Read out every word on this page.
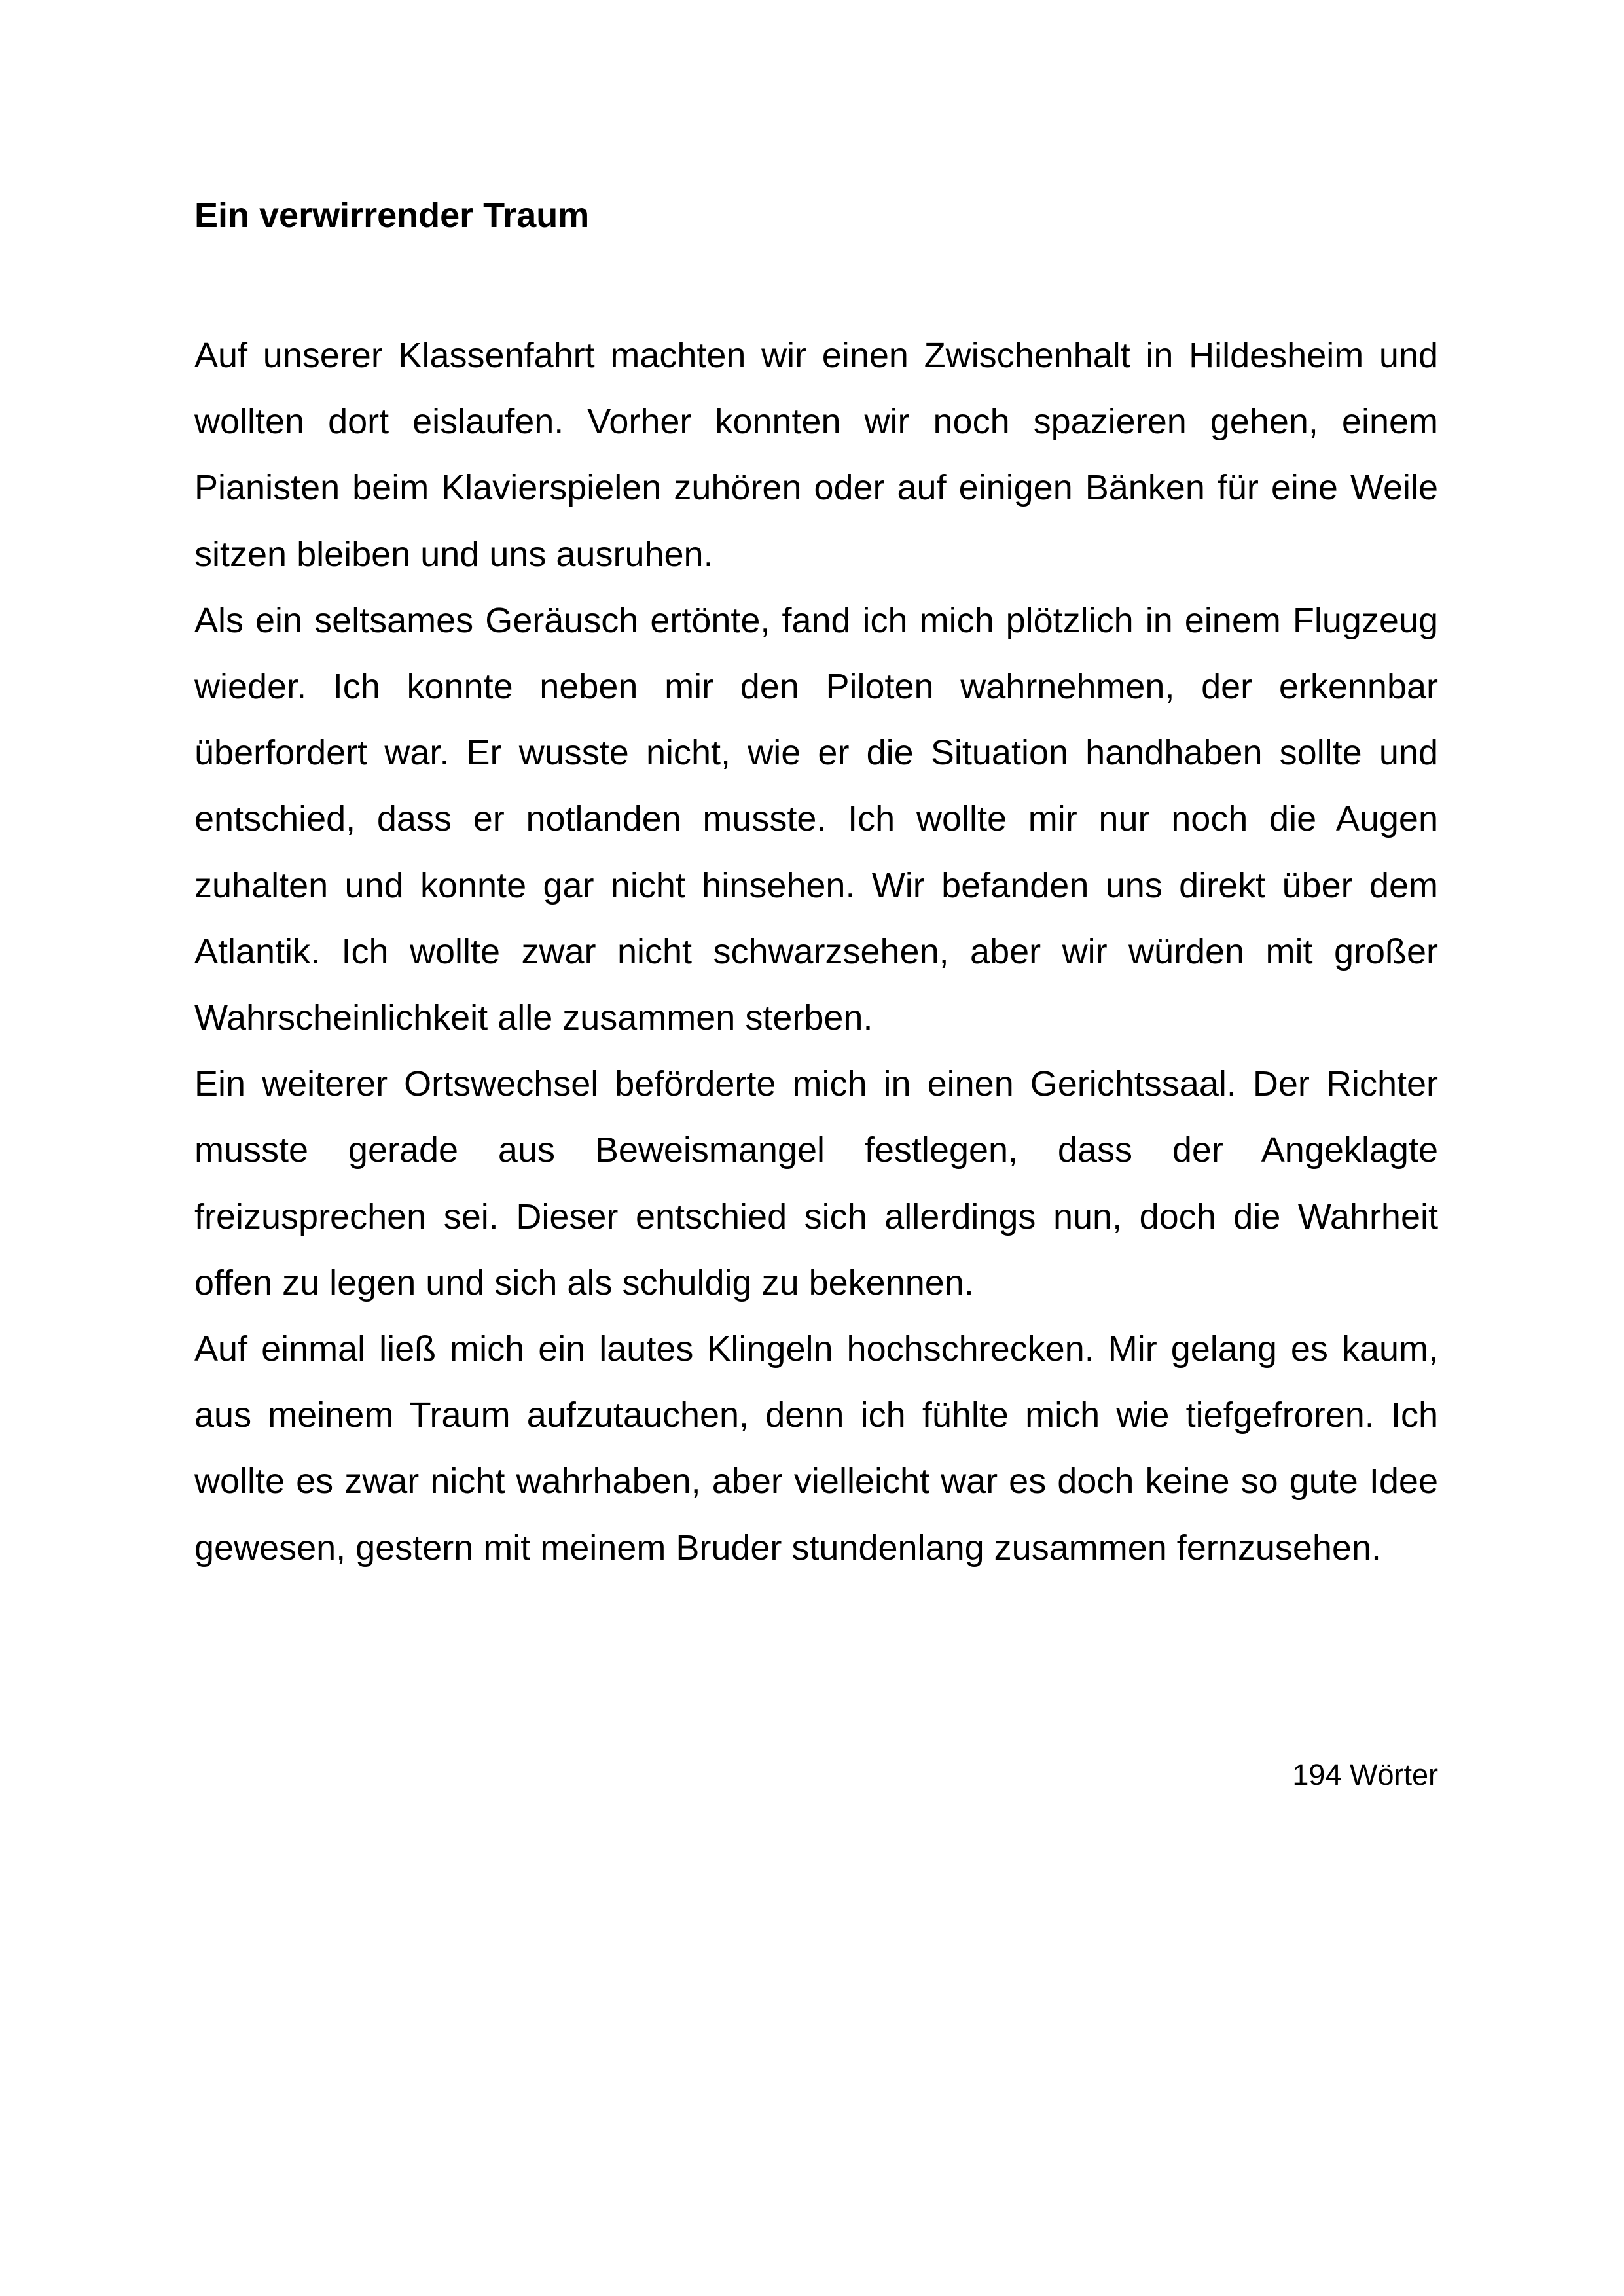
Ein verwirrender Traum

Auf unserer Klassenfahrt machten wir einen Zwischenhalt in Hildesheim und wollten dort eislaufen. Vorher konnten wir noch spazieren gehen, einem Pianisten beim Klavierspielen zuhören oder auf einigen Bänken für eine Weile sitzen bleiben und uns ausruhen.

Als ein seltsames Geräusch ertönte, fand ich mich plötzlich in einem Flugzeug wieder. Ich konnte neben mir den Piloten wahrnehmen, der erkennbar überfordert war. Er wusste nicht, wie er die Situation handhaben sollte und entschied, dass er notlanden musste. Ich wollte mir nur noch die Augen zuhalten und konnte gar nicht hinsehen. Wir befanden uns direkt über dem Atlantik. Ich wollte zwar nicht schwarzsehen, aber wir würden mit großer Wahrscheinlichkeit alle zusammen sterben.

Ein weiterer Ortswechsel beförderte mich in einen Gerichtssaal. Der Richter musste gerade aus Beweismangel festlegen, dass der Angeklagte freizusprechen sei. Dieser entschied sich allerdings nun, doch die Wahrheit offen zu legen und sich als schuldig zu bekennen.

Auf einmal ließ mich ein lautes Klingeln hochschrecken. Mir gelang es kaum, aus meinem Traum aufzutauchen, denn ich fühlte mich wie tiefgefroren. Ich wollte es zwar nicht wahrhaben, aber vielleicht war es doch keine so gute Idee gewesen, gestern mit meinem Bruder stundenlang zusammen fernzusehen.

194 Wörter
